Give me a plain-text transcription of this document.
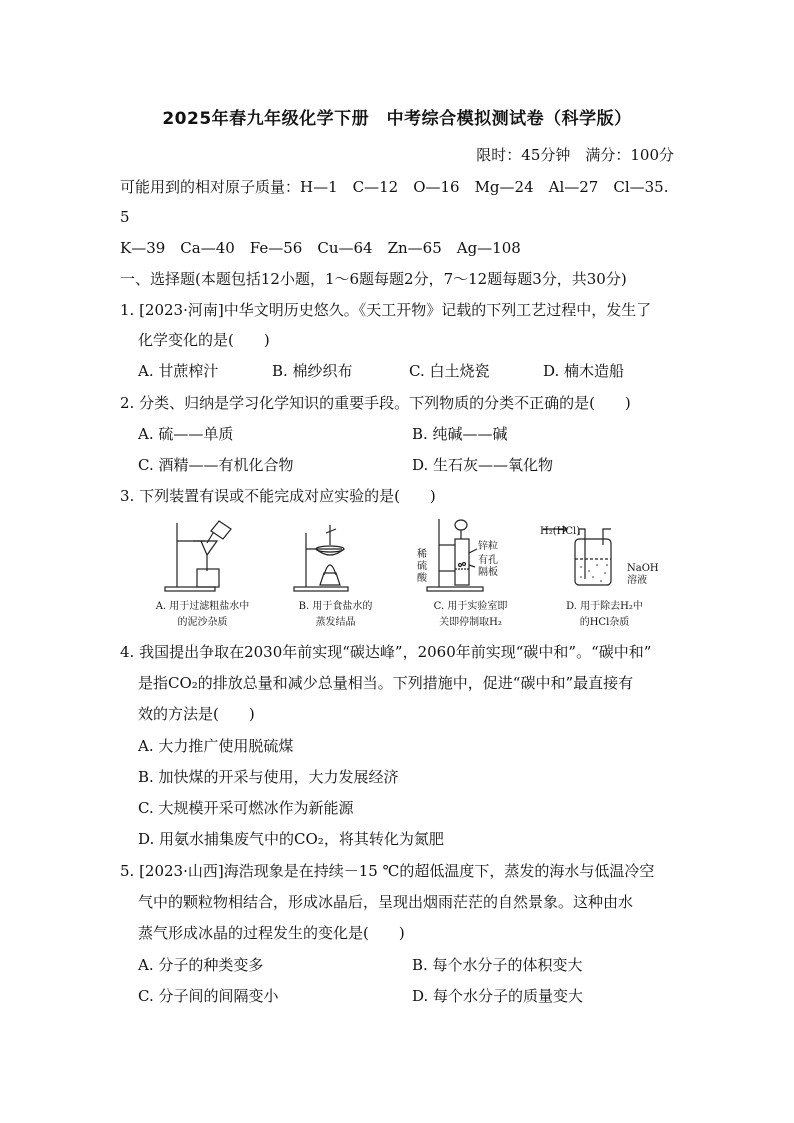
2025年春九年级化学下册　中考综合模拟测试卷（科学版）
限时：45分钟　满分：100分
可能用到的相对原子质量：H—1　C—12　O—16　Mg—24　Al—27　Cl—35.
5
K—39　Ca—40　Fe—56　Cu—64　Zn—65　Ag—108
一、选择题(本题包括12小题，1～6题每题2分，7～12题每题3分，共30分)
1. [2023·河南]中华文明历史悠久。《天工开物》记载的下列工艺过程中，发生了
化学变化的是(　　)
A. 甘蔗榨汁	B. 棉纱织布	C. 白土烧瓷	D. 楠木造船
2. 分类、归纳是学习化学知识的重要手段。下列物质的分类不正确的是(　　)
A. 硫——单质	B. 纯碱——碱
C. 酒精——有机化合物	D. 生石灰——氧化物
3. 下列装置有误或不能完成对应实验的是(　　)
A. 用于过滤粗盐水中
的泥沙杂质
B. 用于食盐水的
蒸发结晶
稀硫酸
锌粒
有孔隔板
C. 用于实验室即
关即停制取H₂
H₂(HCl)
NaOH
溶液
D. 用于除去H₂中
的HCl杂质
4. 我国提出争取在2030年前实现“碳达峰”，2060年前实现“碳中和”。“碳中和”
是指CO₂的排放总量和减少总量相当。下列措施中，促进“碳中和”最直接有
效的方法是(　　)
A. 大力推广使用脱硫煤
B. 加快煤的开采与使用，大力发展经济
C. 大规模开采可燃冰作为新能源
D. 用氨水捕集废气中的CO₂，将其转化为氮肥
5. [2023·山西]海浩现象是在持续－15 ℃的超低温度下，蒸发的海水与低温冷空
气中的颗粒物相结合，形成冰晶后，呈现出烟雨茫茫的自然景象。这种由水
蒸气形成冰晶的过程发生的变化是(　　)
A. 分子的种类变多	B. 每个水分子的体积变大
C. 分子间的间隔变小	D. 每个水分子的质量变大
